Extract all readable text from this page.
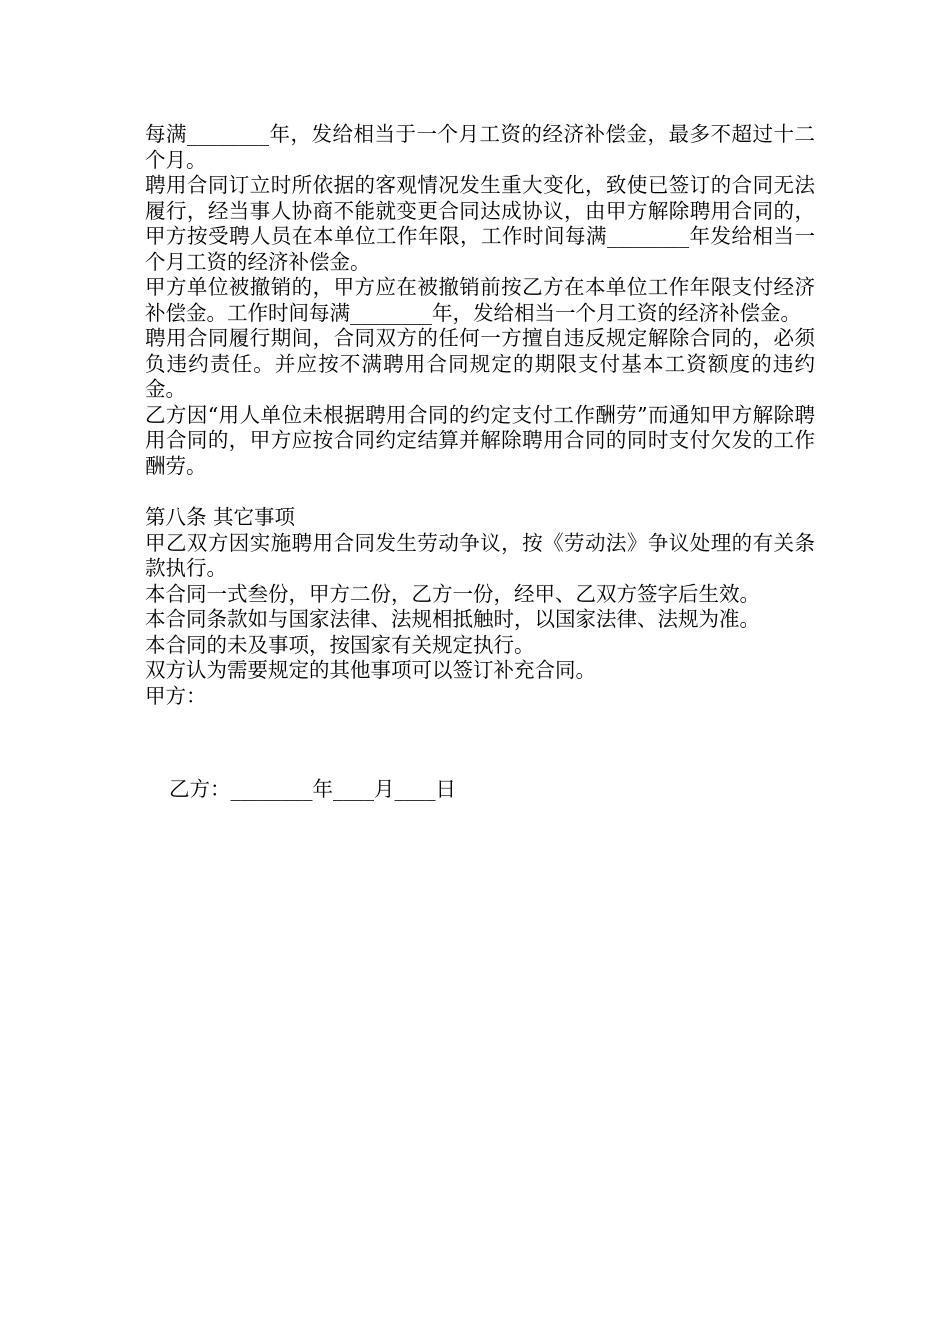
每满________年，发给相当于一个月工资的经济补偿金，最多不超过十二个月。

聘用合同订立时所依据的客观情况发生重大变化，致使已签订的合同无法履行，经当事人协商不能就变更合同达成协议，由甲方解除聘用合同的，甲方按受聘人员在本单位工作年限，工作时间每满________年发给相当一个月工资的经济补偿金。

甲方单位被撤销的，甲方应在被撤销前按乙方在本单位工作年限支付经济补偿金。工作时间每满________年，发给相当一个月工资的经济补偿金。

聘用合同履行期间，合同双方的任何一方擅自违反规定解除合同的，必须负违约责任。并应按不满聘用合同规定的期限支付基本工资额度的违约金。

乙方因“用人单位未根据聘用合同的约定支付工作酬劳”而通知甲方解除聘用合同的，甲方应按合同约定结算并解除聘用合同的同时支付欠发的工作酬劳。

第八条 其它事项

甲乙双方因实施聘用合同发生劳动争议，按《劳动法》争议处理的有关条款执行。

本合同一式叁份，甲方二份，乙方一份，经甲、乙双方签字后生效。

本合同条款如与国家法律、法规相抵触时，以国家法律、法规为准。

本合同的未及事项，按国家有关规定执行。

双方认为需要规定的其他事项可以签订补充合同。

甲方：

乙方：________年____月____日
